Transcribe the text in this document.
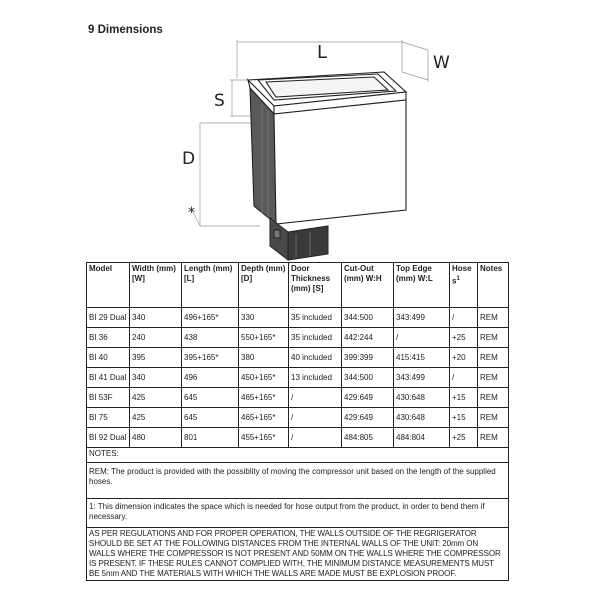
9 Dimensions
L	W
S
D
*
Model	Width (mm) [W]	Length (mm) [L]	Depth (mm) [D]	Door Thickness (mm) [S]	Cut-Out (mm) W:H	Top Edge (mm) W:L	Hoses$^1$	Notes
BI 29 Dual	340	496+165*	330	35 included	344:500	343:499	/	REM
BI 36	240	438	550+165*	35 included	442:244	/	+25	REM
BI 40	395	395+165*	380	40 included	399:399	415:415	+20	REM
BI 41 Dual	340	496	450+165*	13 included	344:500	343:499	/	REM
BI 53F	425	645	465+165*	/	429:649	430:648	+15	REM
BI 75	425	645	465+165*	/	429:649	430:648	+15	REM
BI 92 Dual	480	801	455+165*	/	484:805	484:804	+25	REM
NOTES:								
REM: The product is provided with the possiblity of moving the compressor unit based on the length of the supplied hoses.								
1: This dimension indicates the space which is needed for hose output from the product, in order to bend them if necessary.								
AS PER REGULATIONS AND FOR PROPER OPERATION, THE WALLS OUTSIDE OF THE REGRIGERATOR SHOULD BE SET AT THE FOLLOWING DISTANCES FROM THE INTERNAL WALLS OF THE UNIT: 20mm ON WALLS WHERE THE COMPRESSOR IS NOT PRESENT AND 50MM ON THE WALLS WHERE THE COMPRESSOR IS PRESENT. IF THESE RULES CANNOT COMPLIED WITH, THE MINIMUM DISTANCE MEASUREMENTS MUST BE 5mm AND THE MATERIALS WITH WHICH THE WALLS ARE MADE MUST BE EXPLOSION PROOF.								
